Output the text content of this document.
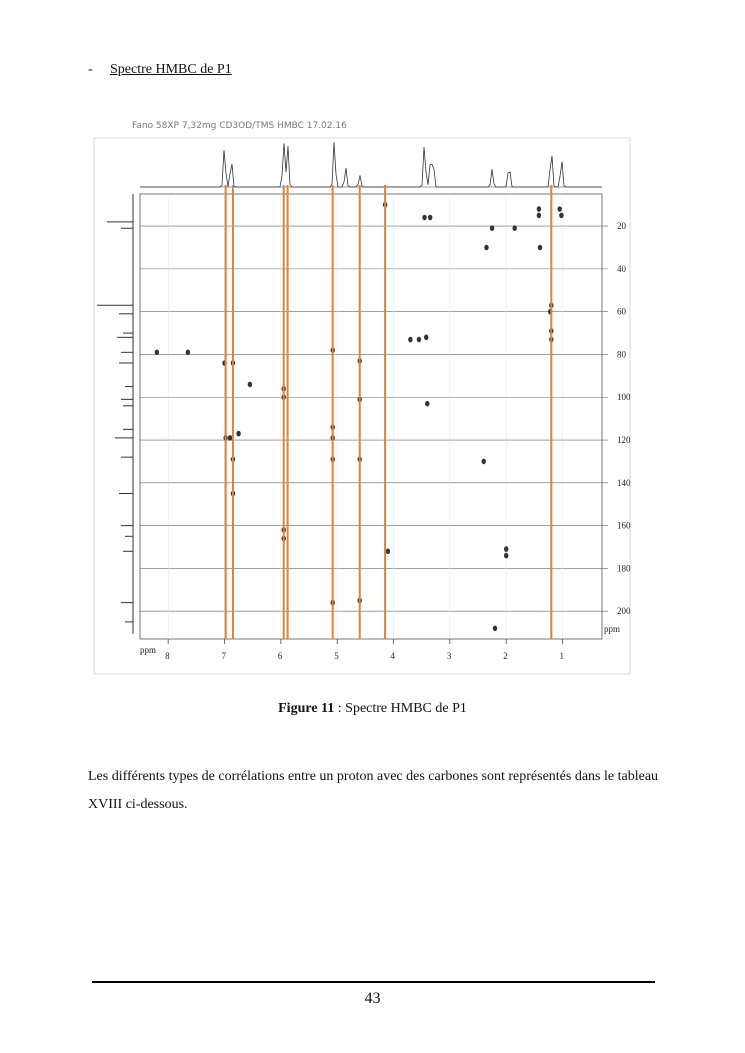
- Spectre HMBC de P1
Fano 58XP 7,32mg CD3OD/TMS HMBC 17.02.16
20
40
60
80
100
120
140
160
180
200
8	7	6	5	4	3	2	1
ppm
ppm
Figure 11 : Spectre HMBC de P1

Les différents types de corrélations entre un proton avec des carbones sont représentés dans le tableau XVIII ci-dessous.

43
